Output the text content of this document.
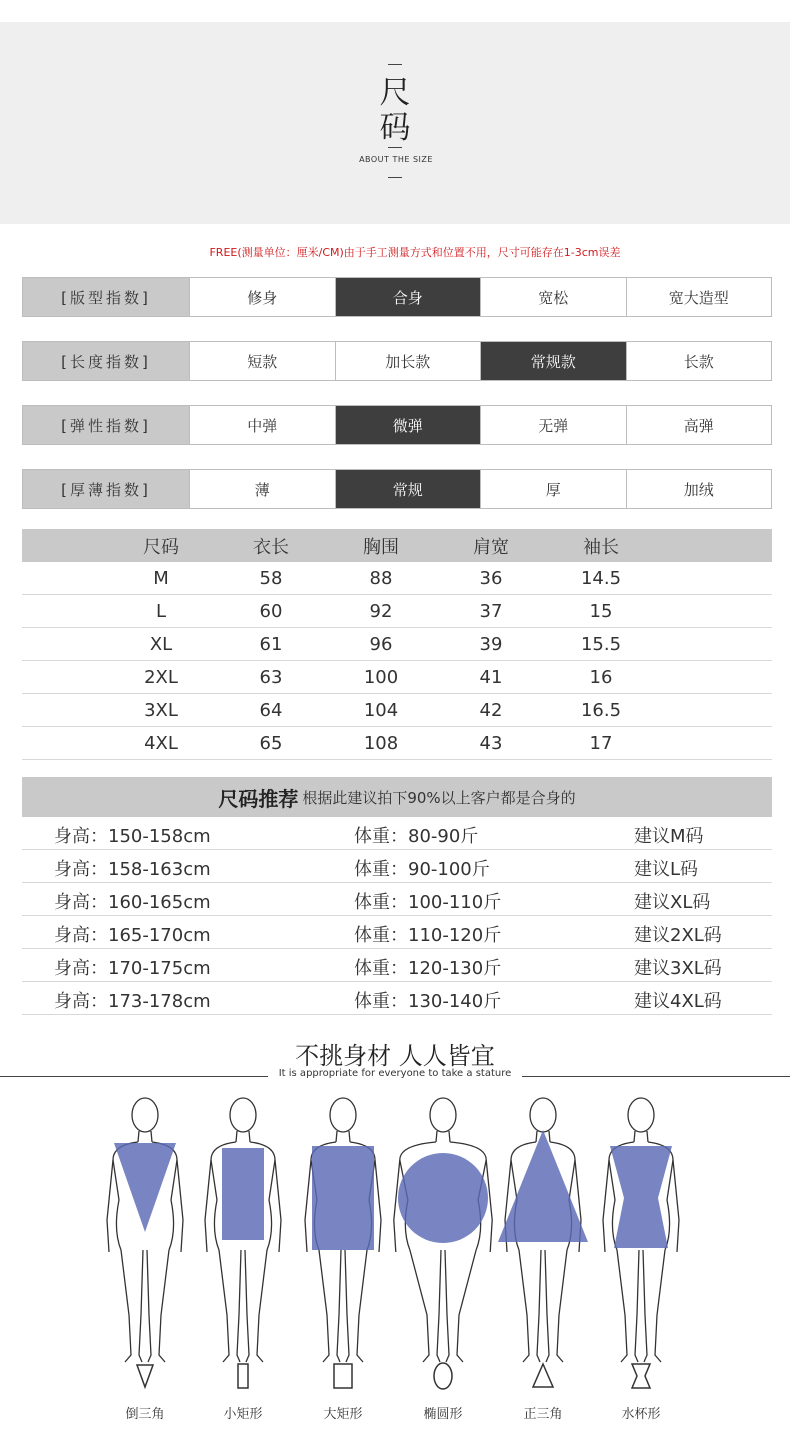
尺
码
ABOUT THE SIZE
FREE(测量单位：厘米/CM)由于手工测量方式和位置不用，尺寸可能存在1-3cm误差
[版型指数]	修身	合身	宽松	宽大造型
[长度指数]	短款	加长款	常规款	长款
[弹性指数]	中弹	微弹	无弹	高弹
[厚薄指数]	薄	常规	厚	加绒
尺码	衣长	胸围	肩宽	袖长
M	58	88	36	14.5
L	60	92	37	15
XL	61	96	39	15.5
2XL	63	100	41	16
3XL	64	104	42	16.5
4XL	65	108	43	17
尺码推荐 根据此建议拍下90%以上客户都是合身的
身高：150-158cm	体重：80-90斤	建议M码
身高：158-163cm	体重：90-100斤	建议L码
身高：160-165cm	体重：100-110斤	建议XL码
身高：165-170cm	体重：110-120斤	建议2XL码
身高：170-175cm	体重：120-130斤	建议3XL码
身高：173-178cm	体重：130-140斤	建议4XL码
不挑身材 人人皆宜
It is appropriate for everyone to take a stature
倒三角	小矩形	大矩形	椭圆形	正三角	水杯形
